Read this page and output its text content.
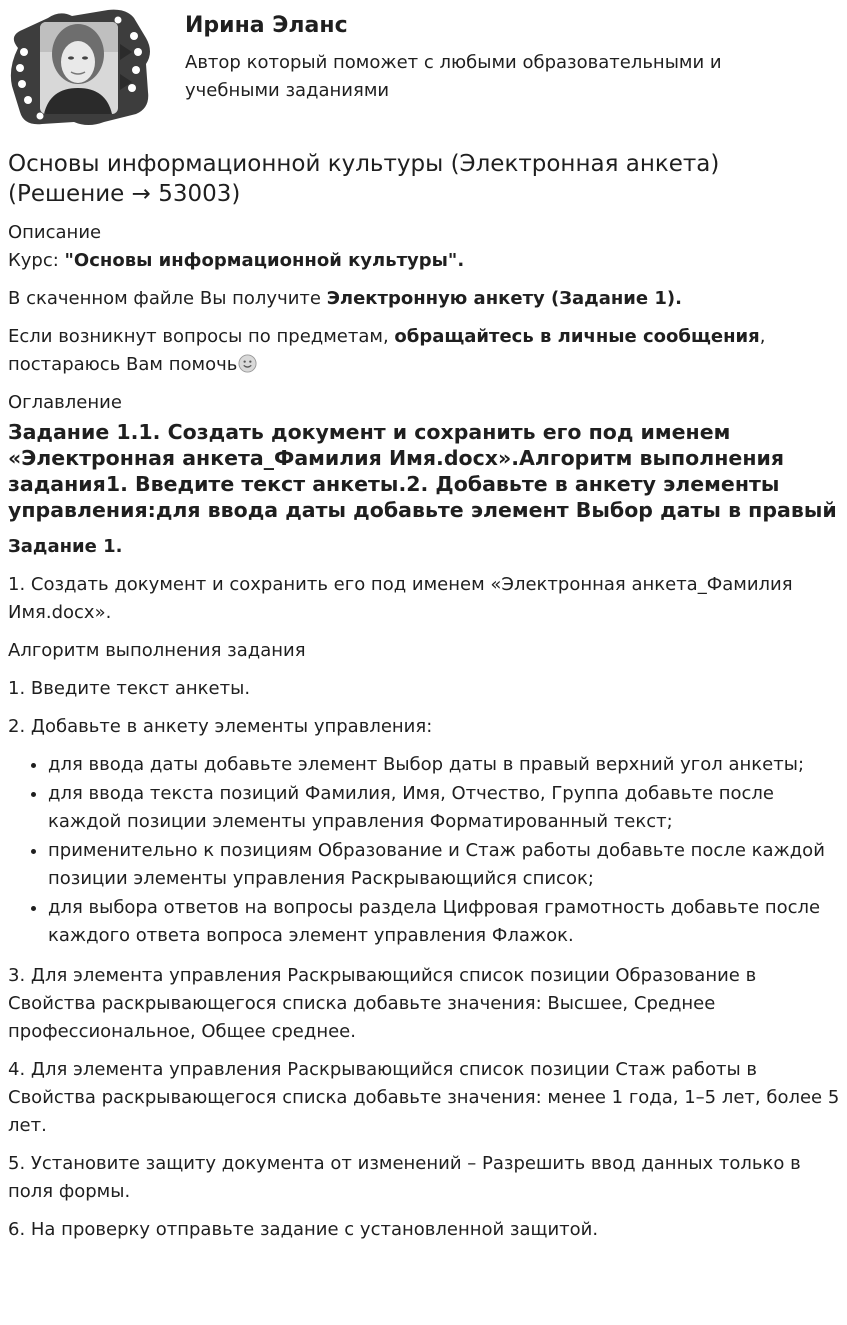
Ирина Эланс

Автор который поможет с любыми образовательными и учебными заданиями

Основы информационной культуры (Электронная анкета) (Решение → 53003)
Описание

Курс: "Основы информационной культуры".

В скаченном файле Вы получите Электронную анкету (Задание 1).

Если возникнут вопросы по предметам, обращайтесь в личные сообщения, постараюсь Вам помочь

Оглавление
Задание 1.1. Создать документ и сохранить его под именем «Электронная анкета_Фамилия Имя.docx».Алгоритм выполнения задания1. Введите текст анкеты.2. Добавьте в анкету элементы управления:для ввода даты добавьте элемент Выбор даты в правый

Задание 1.

1. Создать документ и сохранить его под именем «Электронная анкета_Фамилия Имя.docx».

Алгоритм выполнения задания

1. Введите текст анкеты.

2. Добавьте в анкету элементы управления:

• для ввода даты добавьте элемент Выбор даты в правый верхний угол анкеты;
• для ввода текста позиций Фамилия, Имя, Отчество, Группа добавьте после каждой позиции элементы управления Форматированный текст;
• применительно к позициям Образование и Стаж работы добавьте после каждой позиции элементы управления Раскрывающийся список;
• для выбора ответов на вопросы раздела Цифровая грамотность добавьте после каждого ответа вопроса элемент управления Флажок.

3. Для элемента управления Раскрывающийся список позиции Образование в Свойства раскрывающегося списка добавьте значения: Высшее, Среднее профессиональное, Общее среднее.

4. Для элемента управления Раскрывающийся список позиции Стаж работы в Свойства раскрывающегося списка добавьте значения: менее 1 года, 1–5 лет, более 5 лет.

5. Установите защиту документа от изменений – Разрешить ввод данных только в поля формы.

6. На проверку отправьте задание с установленной защитой.
